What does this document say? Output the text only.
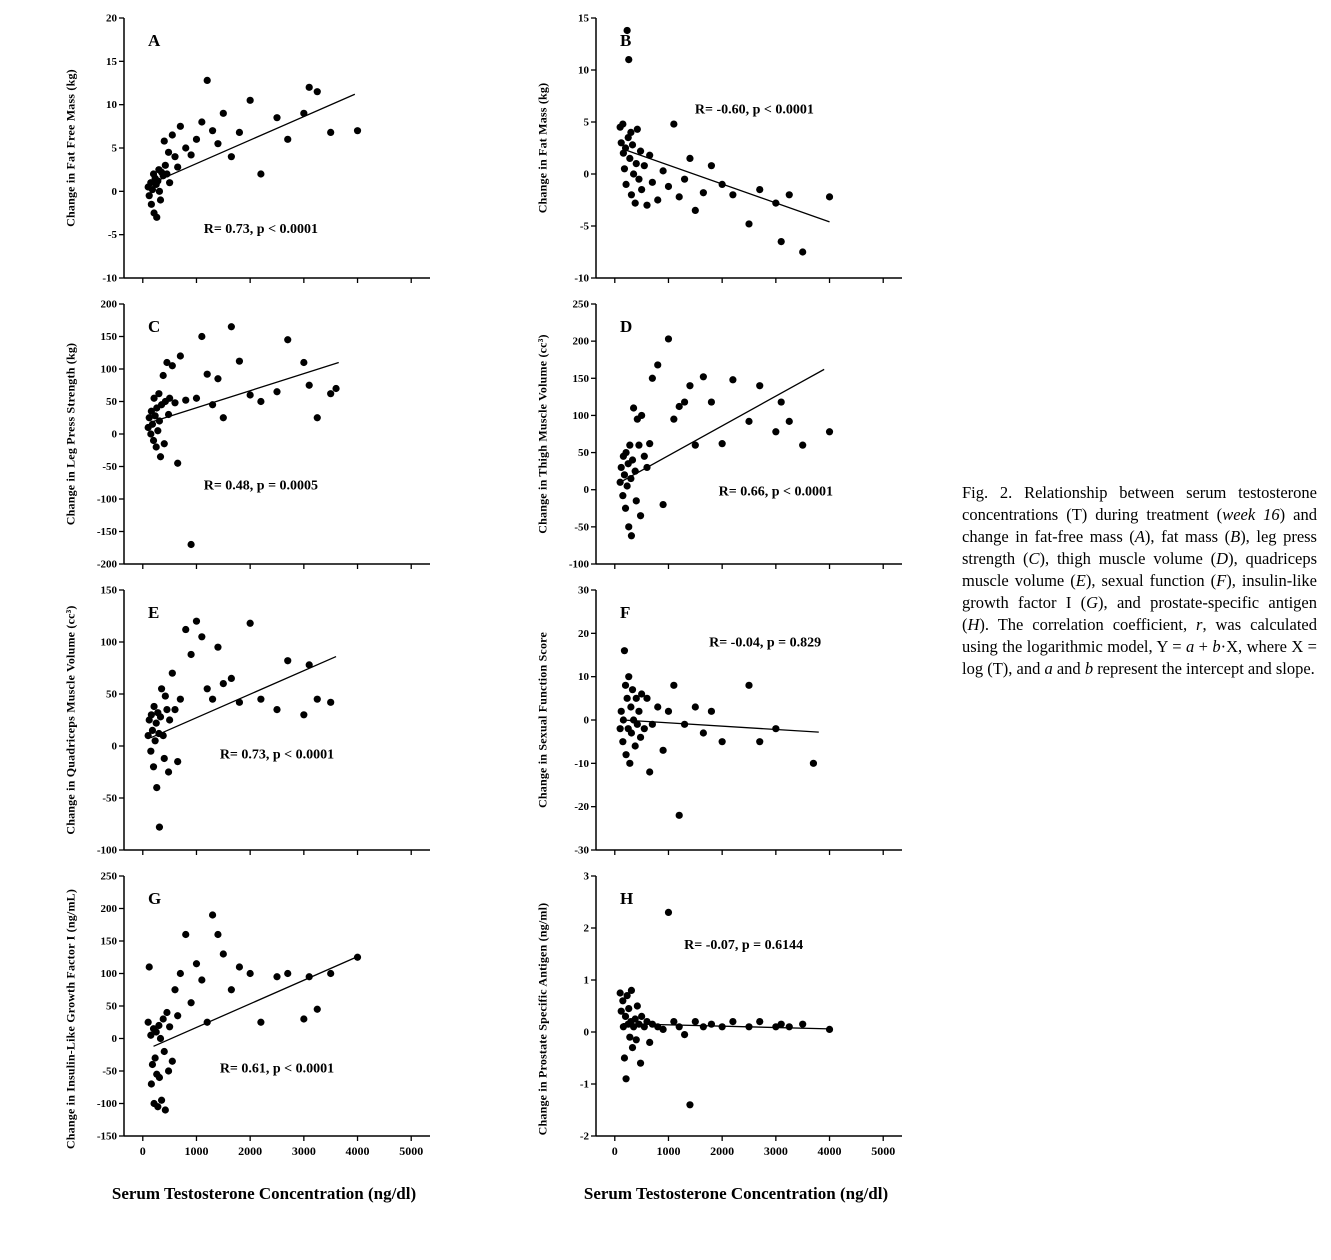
Change in Fat Free Mass (kg)
-10
-5
0
5
10
15
20
A
R= 0.73, p < 0.0001
Change in Leg Press Strength (kg)
-200
-150
-100
-50
0
50
100
150
200
C
R= 0.48, p = 0.0005
Change in Quadriceps Muscle Volume (cc³)
-100
-50
0
50
100
150
E
R= 0.73, p < 0.0001
Change in Insulin-Like Growth Factor I (ng/mL) -150
-100
-50
0
50
100
150
200
250
0	1000 2000 3000 4000 5000
G
R= 0.61, p < 0.0001
Serum Testosterone Concentration (ng/dl)
Change in Fat Mass (kg)
-10
-5
0
5
10
15
B
R= -0.60, p < 0.0001
Change in Thigh Muscle Volume (cc³)
-100
-50
0
50
100
150
200
250
D
R= 0.66, p < 0.0001
Change in Sexual Function Score
-30
-20
-10
0
10
20
30
F
R= -0.04, p = 0.829
Change in Prostate Specific Antigen (ng/ml)
-2
-1
0
1
2
3
0	1000 2000 3000 4000 5000
H
R= -0.07, p = 0.6144
Serum Testosterone Concentration (ng/dl)

Fig. 2. Relationship between serum testosterone concentrations (T) during treatment (week 16) and change in fat-free mass (A), fat mass (B), leg press strength (C), thigh muscle volume (D), quadriceps muscle volume (E), sexual function (F), insulin-like growth factor I (G), and prostate-specific antigen (H). The correlation coefficient, r, was calculated using the logarithmic model, Y = a + b·X, where X = log (T), and a and b represent the intercept and slope.
